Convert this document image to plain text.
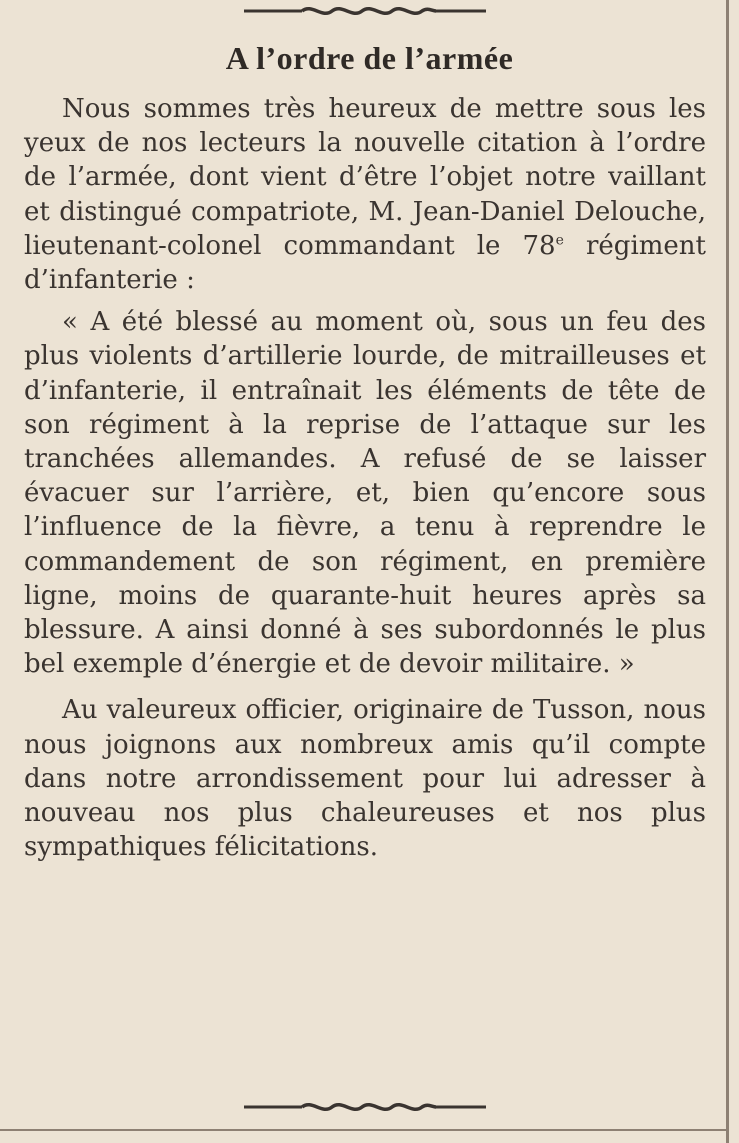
A l’ordre de l’armée

Nous sommes très heureux de mettre sous les yeux de nos lecteurs la nouvelle citation à l’ordre de l’armée, dont vient d’être l’objet notre vaillant et distingué compatriote, M. Jean-Daniel Delouche, lieutenant-colonel commandant le 78e régiment d’infanterie :

« A été blessé au moment où, sous un feu des plus violents d’artillerie lourde, de mitrailleuses et d’infanterie, il entraînait les éléments de tête de son régiment à la reprise de l’attaque sur les tranchées allemandes. A refusé de se laisser évacuer sur l’arrière, et, bien qu’encore sous l’influence de la fièvre, a tenu à reprendre le commandement de son régiment, en première ligne, moins de quarante-huit heures après sa blessure. A ainsi donné à ses subordonnés le plus bel exemple d’énergie et de devoir militaire. »

Au valeureux officier, originaire de Tusson, nous nous joignons aux nombreux amis qu’il compte dans notre arrondissement pour lui adresser à nouveau nos plus chaleureuses et nos plus sympathiques félicitations.
